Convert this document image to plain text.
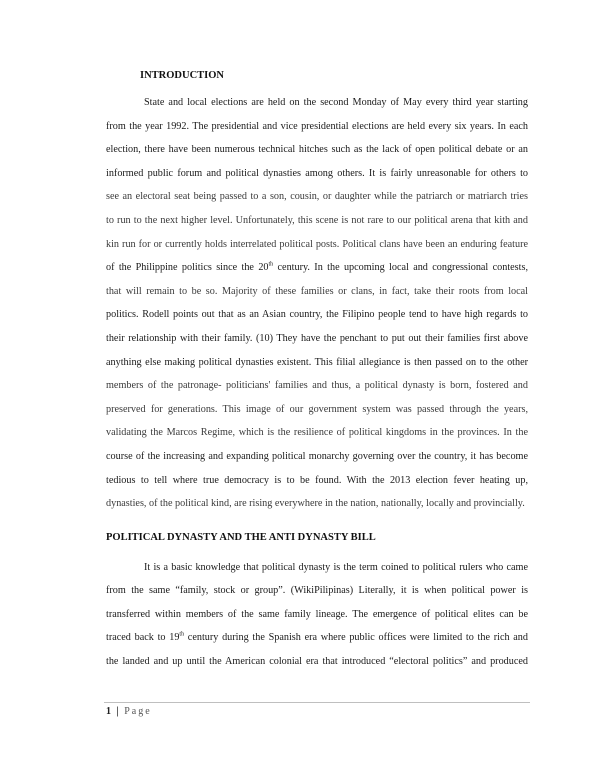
INTRODUCTION

State and local elections are held on the second Monday of May every third year starting
from the year 1992. The presidential and vice presidential elections are held every six years. In each
election, there have been numerous technical hitches such as the lack of open political debate or an
informed public forum and political dynasties among others. It is fairly unreasonable for others to
see an electoral seat being passed to a son, cousin, or daughter while the patriarch or matriarch tries
to run to the next higher level. Unfortunately, this scene is not rare to our political arena that kith and
kin run for or currently holds interrelated political posts. Political clans have been an enduring feature
of the Philippine politics since the 20th century. In the upcoming local and congressional contests,
that will remain to be so. Majority of these families or clans, in fact, take their roots from local
politics. Rodell points out that as an Asian country, the Filipino people tend to have high regards to
their relationship with their family. (10) They have the penchant to put out their families first above
anything else making political dynasties existent. This filial allegiance is then passed on to the other
members of the patronage- politicians' families and thus, a political dynasty is born, fostered and
preserved for generations. This image of our government system was passed through the years,
validating the Marcos Regime, which is the resilience of political kingdoms in the provinces. In the
course of the increasing and expanding political monarchy governing over the country, it has become
tedious to tell where true democracy is to be found. With the 2013 election fever heating up,
dynasties, of the political kind, are rising everywhere in the nation, nationally, locally and provincially.

POLITICAL DYNASTY AND THE ANTI DYNASTY BILL

It is a basic knowledge that political dynasty is the term coined to political rulers who came
from the same “family, stock or group”. (WikiPilipinas) Literally, it is when political power is
transferred within members of the same family lineage. The emergence of political elites can be
traced back to 19th century during the Spanish era where public offices were limited to the rich and
the landed and up until the American colonial era that introduced “electoral politics” and produced
1 | Page
